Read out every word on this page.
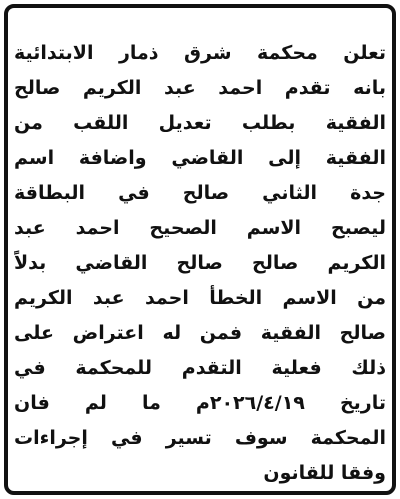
تعلن محكمة شرق ذمار الابتدائية
بانه تقدم احمد عبد الكريم صالح
الفقية بطلب تعديل اللقب من
الفقية إلى القاضي واضافة اسم
جدة الثاني صالح في البطاقة
ليصبح الاسم الصحيح احمد عبد
الكريم صالح صالح القاضي بدلاً
من الاسم الخطأ احمد عبد الكريم
صالح الفقية فمن له اعتراض على
ذلك فعلية التقدم للمحكمة في
تاريخ ٢٠٢٦/٤/١٩م ما لم فان
المحكمة سوف تسير في إجراءات
وفقا للقانون
